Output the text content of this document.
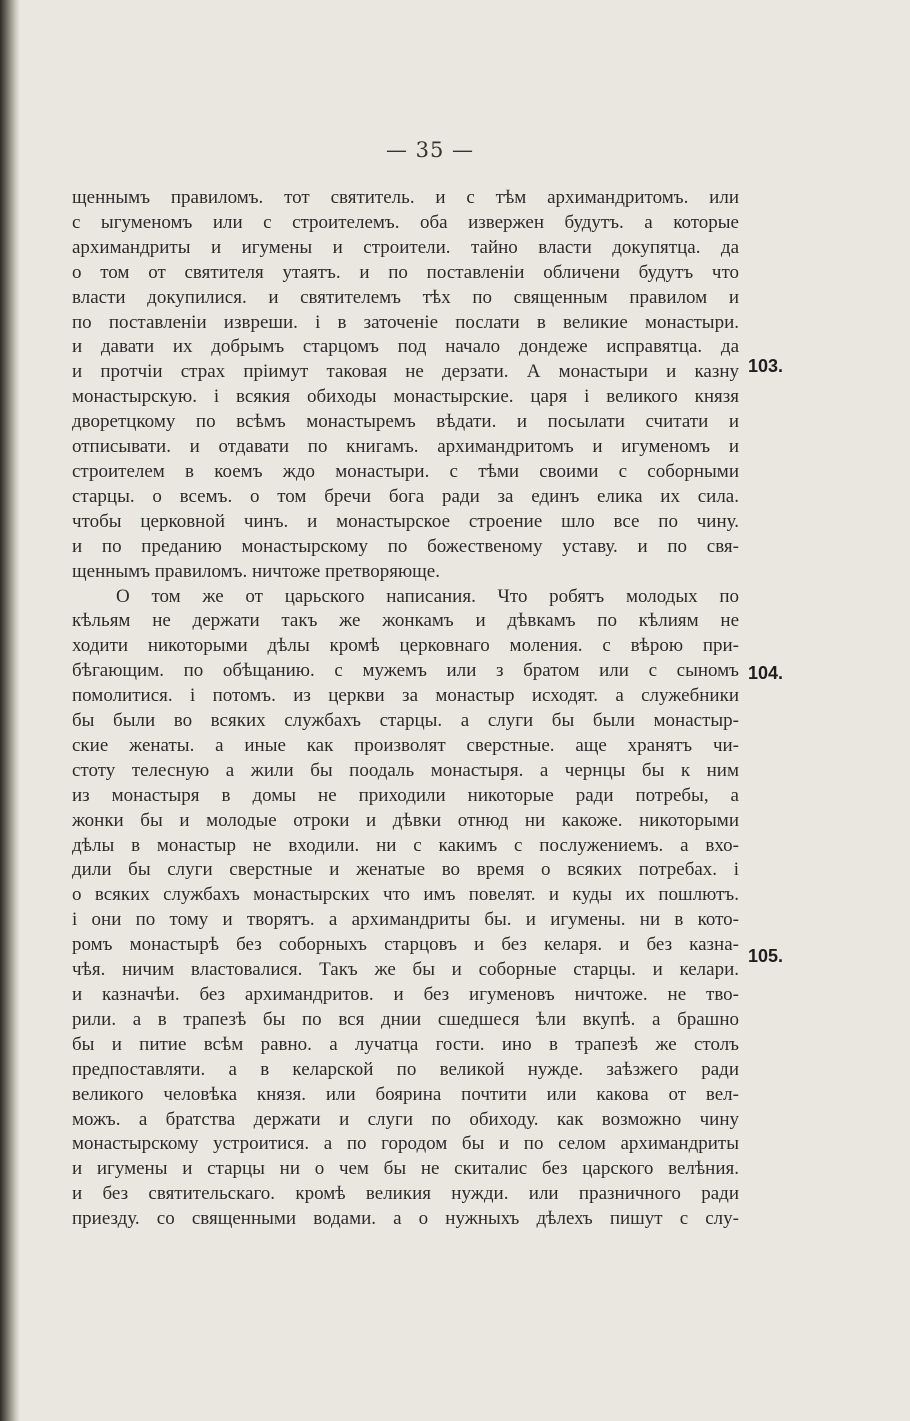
— 35 —

щеннымъ правиломъ. тот святитель. и с тѣм архимандритомъ. или
с ыгуменомъ или с строителемъ. оба извержен будутъ. а которые
архимандриты и игумены и строители. тайно власти докупятца. да
о том от святителя утаятъ. и по поставленіи обличени будутъ что
власти докупилися. и святителемъ тѣх по священным правилом и
по поставленіи извреши. і в заточеніе послати в великие монастыри.
и давати их добрымъ старцомъ под начало дондеже исправятца. да
и протчіи страх пріимут таковая не дерзати. А монастыри и казну
монастырскую. і всякия обиходы монастырские. царя і великого князя
дворетцкому по всѣмъ монастыремъ вѣдати. и посылати считати и
отписывати. и отдавати по книгамъ. архимандритомъ и игуменомъ и
строителем в коемъ ждо монастыри. с тѣми своими с соборными
старцы. о всемъ. о том бречи бога ради за единъ елика их сила.
чтобы церковной чинъ. и монастырское строение шло все по чину.
и по преданию монастырскому по божественому уставу. и по свя-
щеннымъ правиломъ. ничтоже претворяюще.

О том же от царьского написания. Что робятъ молодых по
кѣльям не держати такъ же жонкамъ и дѣвкамъ по кѣлиям не
ходити никоторыми дѣлы кромѣ церковнаго моления. с вѣрою при-
бѣгающим. по обѣщанию. с мужемъ или з братом или с сыномъ
помолитися. і потомъ. из церкви за монастыр исходят. а служебники
бы были во всяких службахъ старцы. а слуги бы были монастыр-
ские женаты. а иные как произволят сверстные. аще хранятъ чи-
стоту телесную а жили бы поодаль монастыря. а чернцы бы к ним
из монастыря в домы не приходили никоторые ради потребы, а
жонки бы и молодые отроки и дѣвки отнюд ни какоже. никоторыми
дѣлы в монастыр не входили. ни с какимъ с послужениемъ. а вхо-
дили бы слуги сверстные и женатые во время о всяких потребах. і
о всяких службахъ монастырских что имъ повелят. и куды их пошлютъ.
і они по тому и творятъ. а архимандриты бы. и игумены. ни в кото-
ромъ монастырѣ без соборныхъ старцовъ и без келаря. и без казна-
чѣя. ничим властовалися. Такъ же бы и соборные старцы. и келари.
и казначѣи. без архимандритов. и без игуменовъ ничтоже. не тво-
рили. а в трапезѣ бы по вся днии сшедшеся ѣли вкупѣ. а брашно
бы и питие всѣм равно. а лучатца гости. ино в трапезѣ же столъ
предпоставляти. а в келарской по великой нужде. заѣзжего ради
великого человѣка князя. или боярина почтити или какова от вел-
можъ. а братства держати и слуги по обиходу. как возможно чину
монастырскому устроитися. а по городом бы и по селом архимандриты
и игумены и старцы ни о чем бы не скиталис без царского велѣния.
и без святительскаго. кромѣ великия нужди. или празничного ради
приезду. со священными водами. а о нужныхъ дѣлехъ пишут с слу-

103.
104.
105.
